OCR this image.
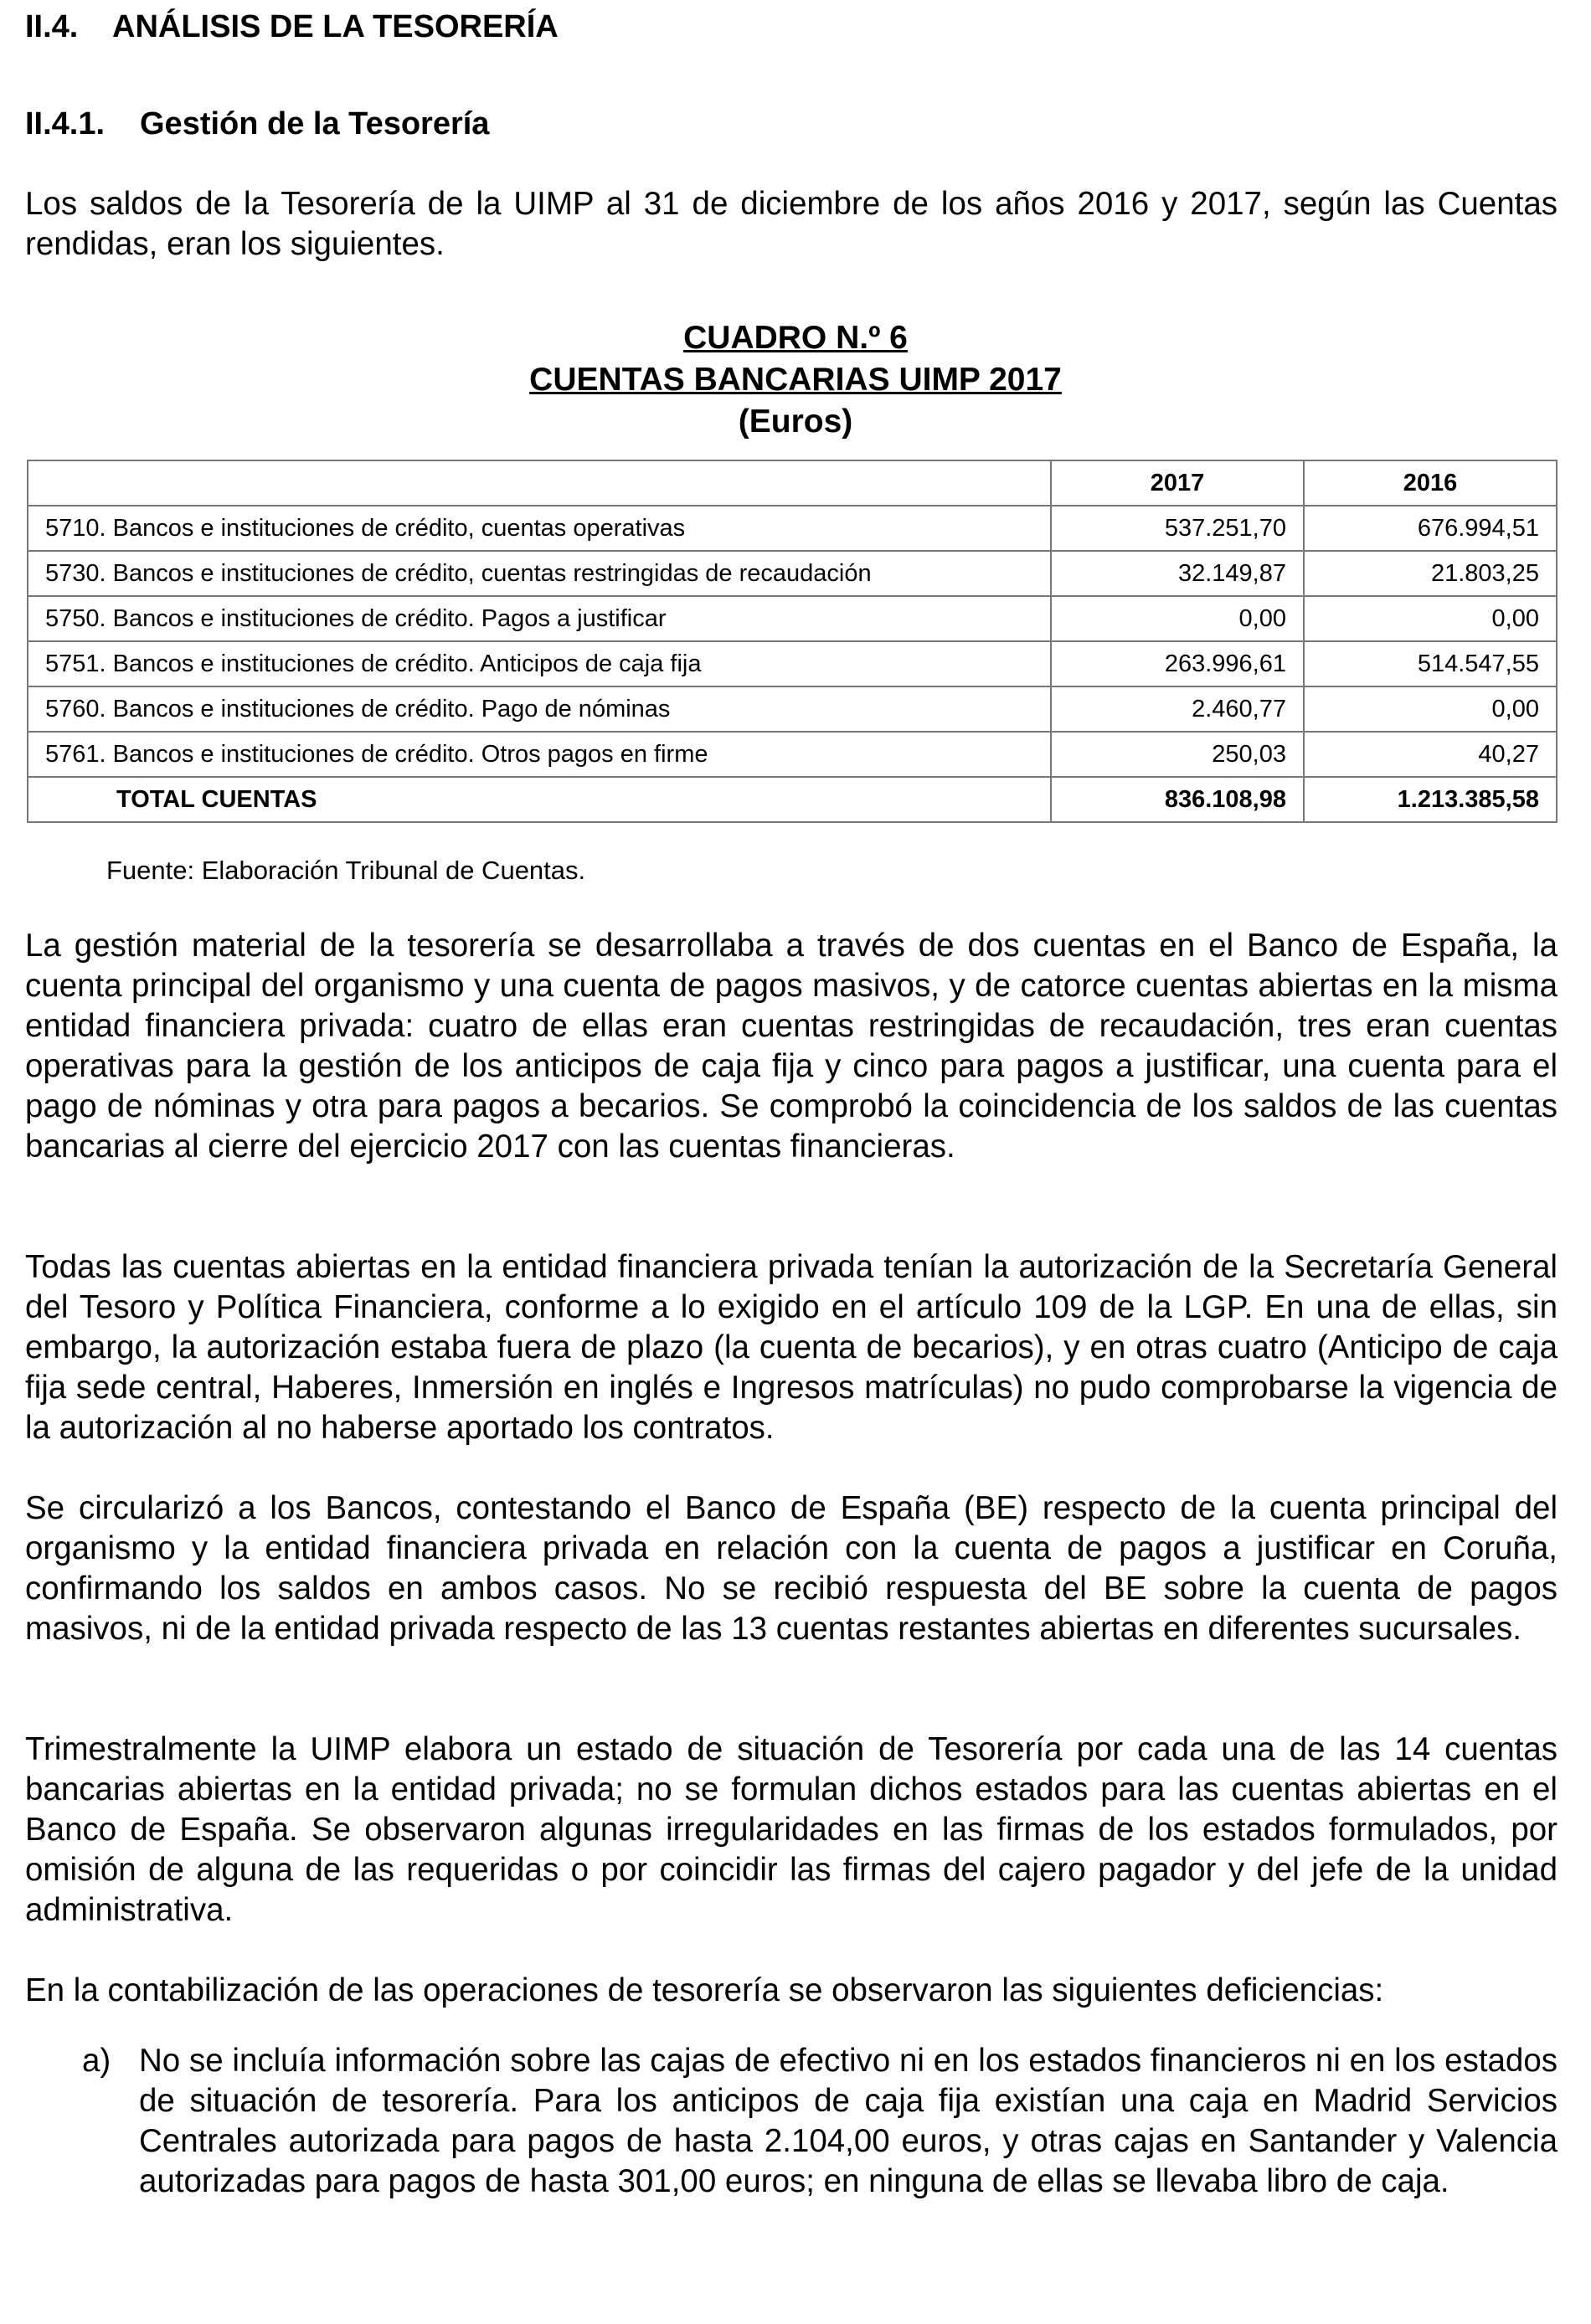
II.4. ANÁLISIS DE LA TESORERÍA
II.4.1. Gestión de la Tesorería

Los saldos de la Tesorería de la UIMP al 31 de diciembre de los años 2016 y 2017, según las Cuentas rendidas, eran los siguientes.

CUADRO N.º 6

CUENTAS BANCARIAS UIMP 2017

(Euros)

	2017	2016
5710. Bancos e instituciones de crédito, cuentas operativas	537.251,70	676.994,51
5730. Bancos e instituciones de crédito, cuentas restringidas de recaudación	32.149,87	21.803,25
5750. Bancos e instituciones de crédito. Pagos a justificar	0,00	0,00
5751. Bancos e instituciones de crédito. Anticipos de caja fija	263.996,61	514.547,55
5760. Bancos e instituciones de crédito. Pago de nóminas	2.460,77	0,00
5761. Bancos e instituciones de crédito. Otros pagos en firme	250,03	40,27
TOTAL CUENTAS	836.108,98	1.213.385,58

Fuente: Elaboración Tribunal de Cuentas.

La gestión material de la tesorería se desarrollaba a través de dos cuentas en el Banco de España, la cuenta principal del organismo y una cuenta de pagos masivos, y de catorce cuentas abiertas en la misma entidad financiera privada: cuatro de ellas eran cuentas restringidas de recaudación, tres eran cuentas operativas para la gestión de los anticipos de caja fija y cinco para pagos a justificar, una cuenta para el pago de nóminas y otra para pagos a becarios. Se comprobó la coincidencia de los saldos de las cuentas bancarias al cierre del ejercicio 2017 con las cuentas financieras.

Todas las cuentas abiertas en la entidad financiera privada tenían la autorización de la Secretaría General del Tesoro y Política Financiera, conforme a lo exigido en el artículo 109 de la LGP. En una de ellas, sin embargo, la autorización estaba fuera de plazo (la cuenta de becarios), y en otras cuatro (Anticipo de caja fija sede central, Haberes, Inmersión en inglés e Ingresos matrículas) no pudo comprobarse la vigencia de la autorización al no haberse aportado los contratos.

Se circularizó a los Bancos, contestando el Banco de España (BE) respecto de la cuenta principal del organismo y la entidad financiera privada en relación con la cuenta de pagos a justificar en Coruña, confirmando los saldos en ambos casos. No se recibió respuesta del BE sobre la cuenta de pagos masivos, ni de la entidad privada respecto de las 13 cuentas restantes abiertas en diferentes sucursales.

Trimestralmente la UIMP elabora un estado de situación de Tesorería por cada una de las 14 cuentas bancarias abiertas en la entidad privada; no se formulan dichos estados para las cuentas abiertas en el Banco de España. Se observaron algunas irregularidades en las firmas de los estados formulados, por omisión de alguna de las requeridas o por coincidir las firmas del cajero pagador y del jefe de la unidad administrativa.

En la contabilización de las operaciones de tesorería se observaron las siguientes deficiencias:

a) No se incluía información sobre las cajas de efectivo ni en los estados financieros ni en los estados de situación de tesorería. Para los anticipos de caja fija existían una caja en Madrid Servicios Centrales autorizada para pagos de hasta 2.104,00 euros, y otras cajas en Santander y Valencia autorizadas para pagos de hasta 301,00 euros; en ninguna de ellas se llevaba libro de caja.
